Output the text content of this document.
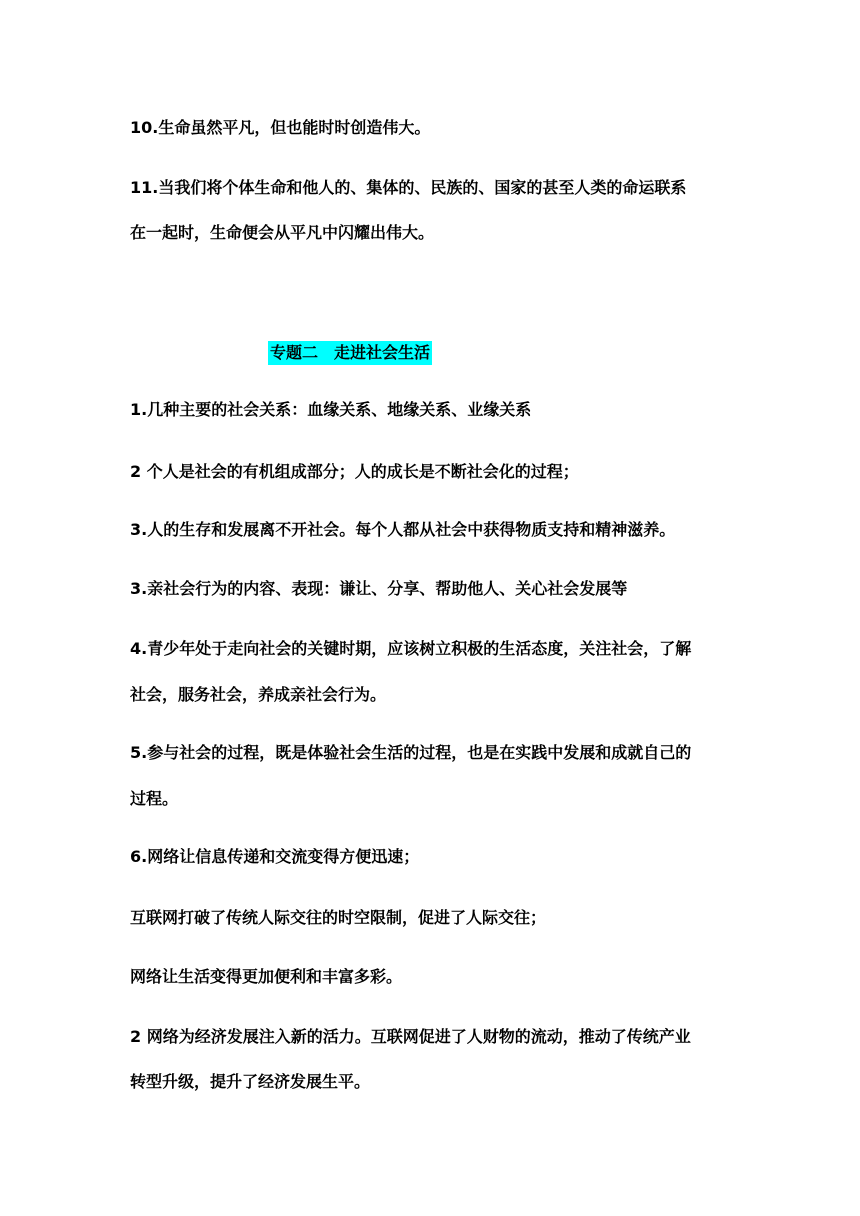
10.生命虽然平凡，但也能时时创造伟大。
11.当我们将个体生命和他人的、集体的、民族的、国家的甚至人类的命运联系
在一起时，生命便会从平凡中闪耀出伟大。
专题二　走进社会生活
1.几种主要的社会关系：血缘关系、地缘关系、业缘关系
2 个人是社会的有机组成部分；人的成长是不断社会化的过程；
3.人的生存和发展离不开社会。每个人都从社会中获得物质支持和精神滋养。
3.亲社会行为的内容、表现：谦让、分享、帮助他人、关心社会发展等
4.青少年处于走向社会的关键时期，应该树立积极的生活态度，关注社会，了解
社会，服务社会，养成亲社会行为。
5.参与社会的过程，既是体验社会生活的过程，也是在实践中发展和成就自己的
过程。
6.网络让信息传递和交流变得方便迅速；
互联网打破了传统人际交往的时空限制，促进了人际交往；
网络让生活变得更加便利和丰富多彩。
2 网络为经济发展注入新的活力。互联网促进了人财物的流动，推动了传统产业
转型升级，提升了经济发展生平。
